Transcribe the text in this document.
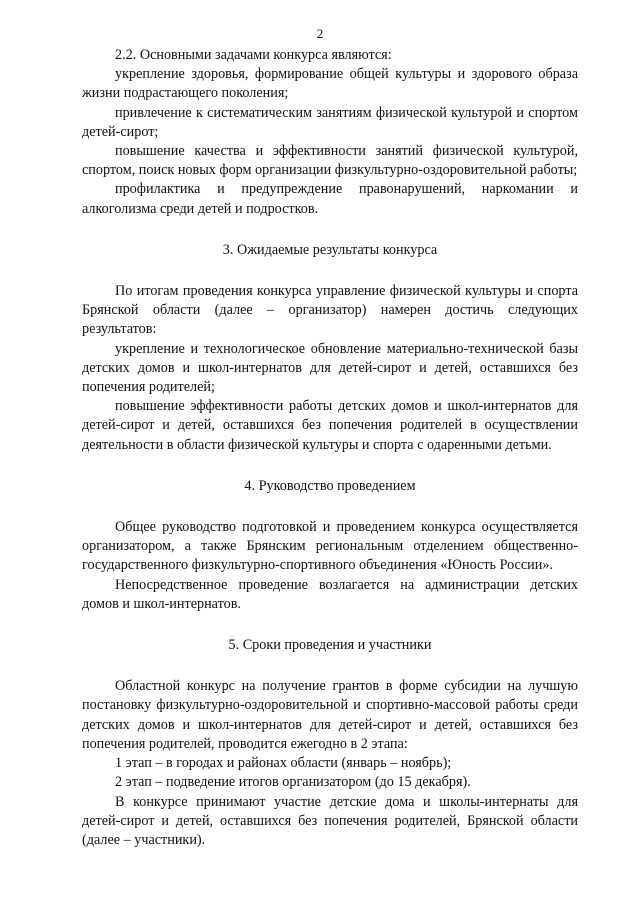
2

2.2. Основными задачами конкурса являются:

укрепление здоровья, формирование общей культуры и здорового образа жизни подрастающего поколения;

привлечение к систематическим занятиям физической культурой и спортом детей-сирот;

повышение качества и эффективности занятий физической культурой, спортом, поиск новых форм организации физкультурно-оздоровительной работы;

профилактика и предупреждение правонарушений, наркомании и алкоголизма среди детей и подростков.

3. Ожидаемые результаты конкурса

По итогам проведения конкурса управление физической культуры и спорта Брянской области (далее – организатор) намерен достичь следующих результатов:

укрепление и технологическое обновление материально-технической базы детских домов и школ-интернатов для детей-сирот и детей, оставшихся без попечения родителей;

повышение эффективности работы детских домов и школ-интернатов для детей-сирот и детей, оставшихся без попечения родителей в осуществлении деятельности в области физической культуры и спорта с одаренными детьми.

4. Руководство проведением

Общее руководство подготовкой и проведением конкурса осуществляется организатором, а также Брянским региональным отделением общественно-государственного физкультурно-спортивного объединения «Юность России».

Непосредственное проведение возлагается на администрации детских домов и школ-интернатов.

5. Сроки проведения и участники

Областной конкурс на получение грантов в форме субсидии на лучшую постановку физкультурно-оздоровительной и спортивно-массовой работы среди детских домов и школ-интернатов для детей-сирот и детей, оставшихся без попечения родителей, проводится ежегодно в 2 этапа:

1 этап – в городах и районах области (январь – ноябрь);

2 этап – подведение итогов организатором (до 15 декабря).

В конкурсе принимают участие детские дома и школы-интернаты для детей-сирот и детей, оставшихся без попечения родителей, Брянской области (далее – участники).
